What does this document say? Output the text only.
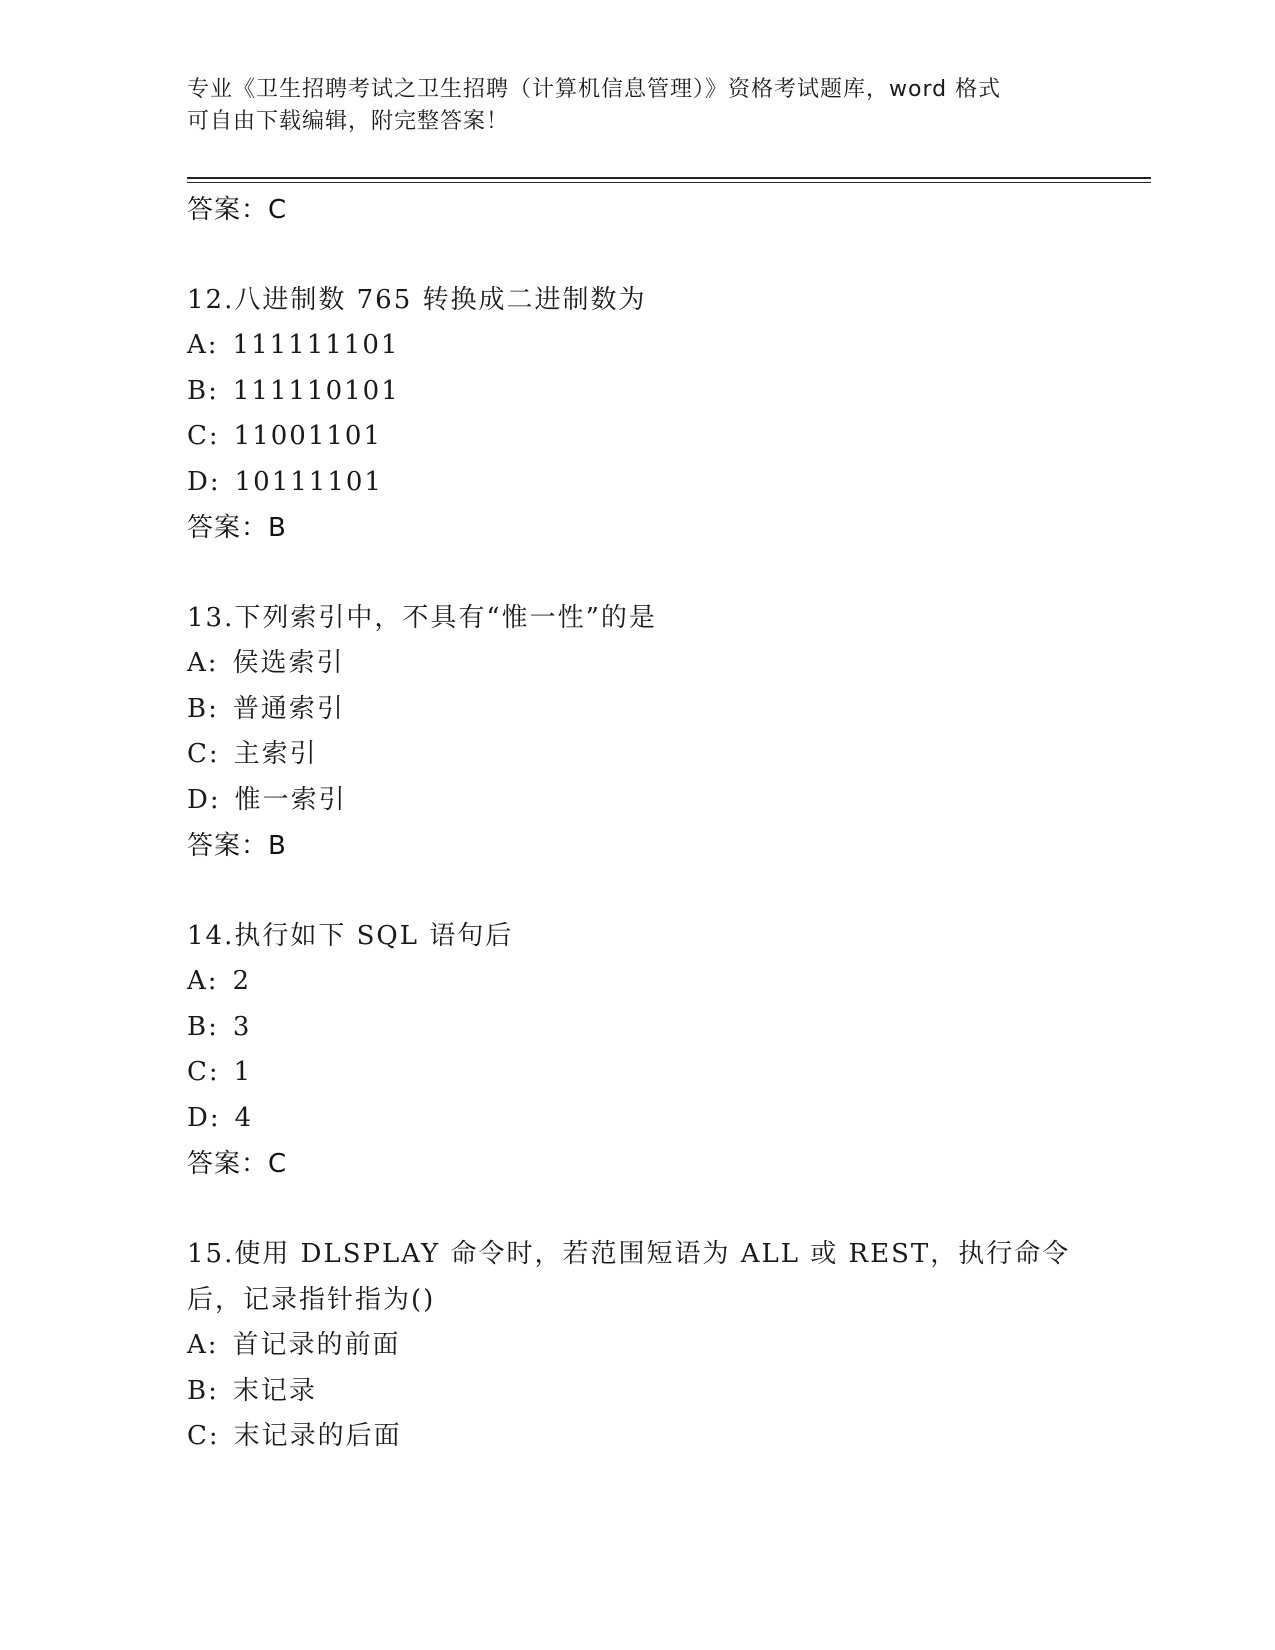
专业《卫生招聘考试之卫生招聘（计算机信息管理）》资格考试题库，word 格式
可自由下载编辑，附完整答案！
答案：C
12.八进制数 765 转换成二进制数为
A: 111111101
B: 111110101
C: 11001101
D: 10111101
答案：B
13.下列索引中，不具有“惟一性”的是
A: 侯选索引
B: 普通索引
C: 主索引
D: 惟一索引
答案：B
14.执行如下 SQL 语句后
A: 2
B: 3
C: 1
D: 4
答案：C
15.使用 DLSPLAY 命令时，若范围短语为 ALL 或 REST，执行命令后，记录指针指为()
A: 首记录的前面
B: 末记录
C: 末记录的后面
